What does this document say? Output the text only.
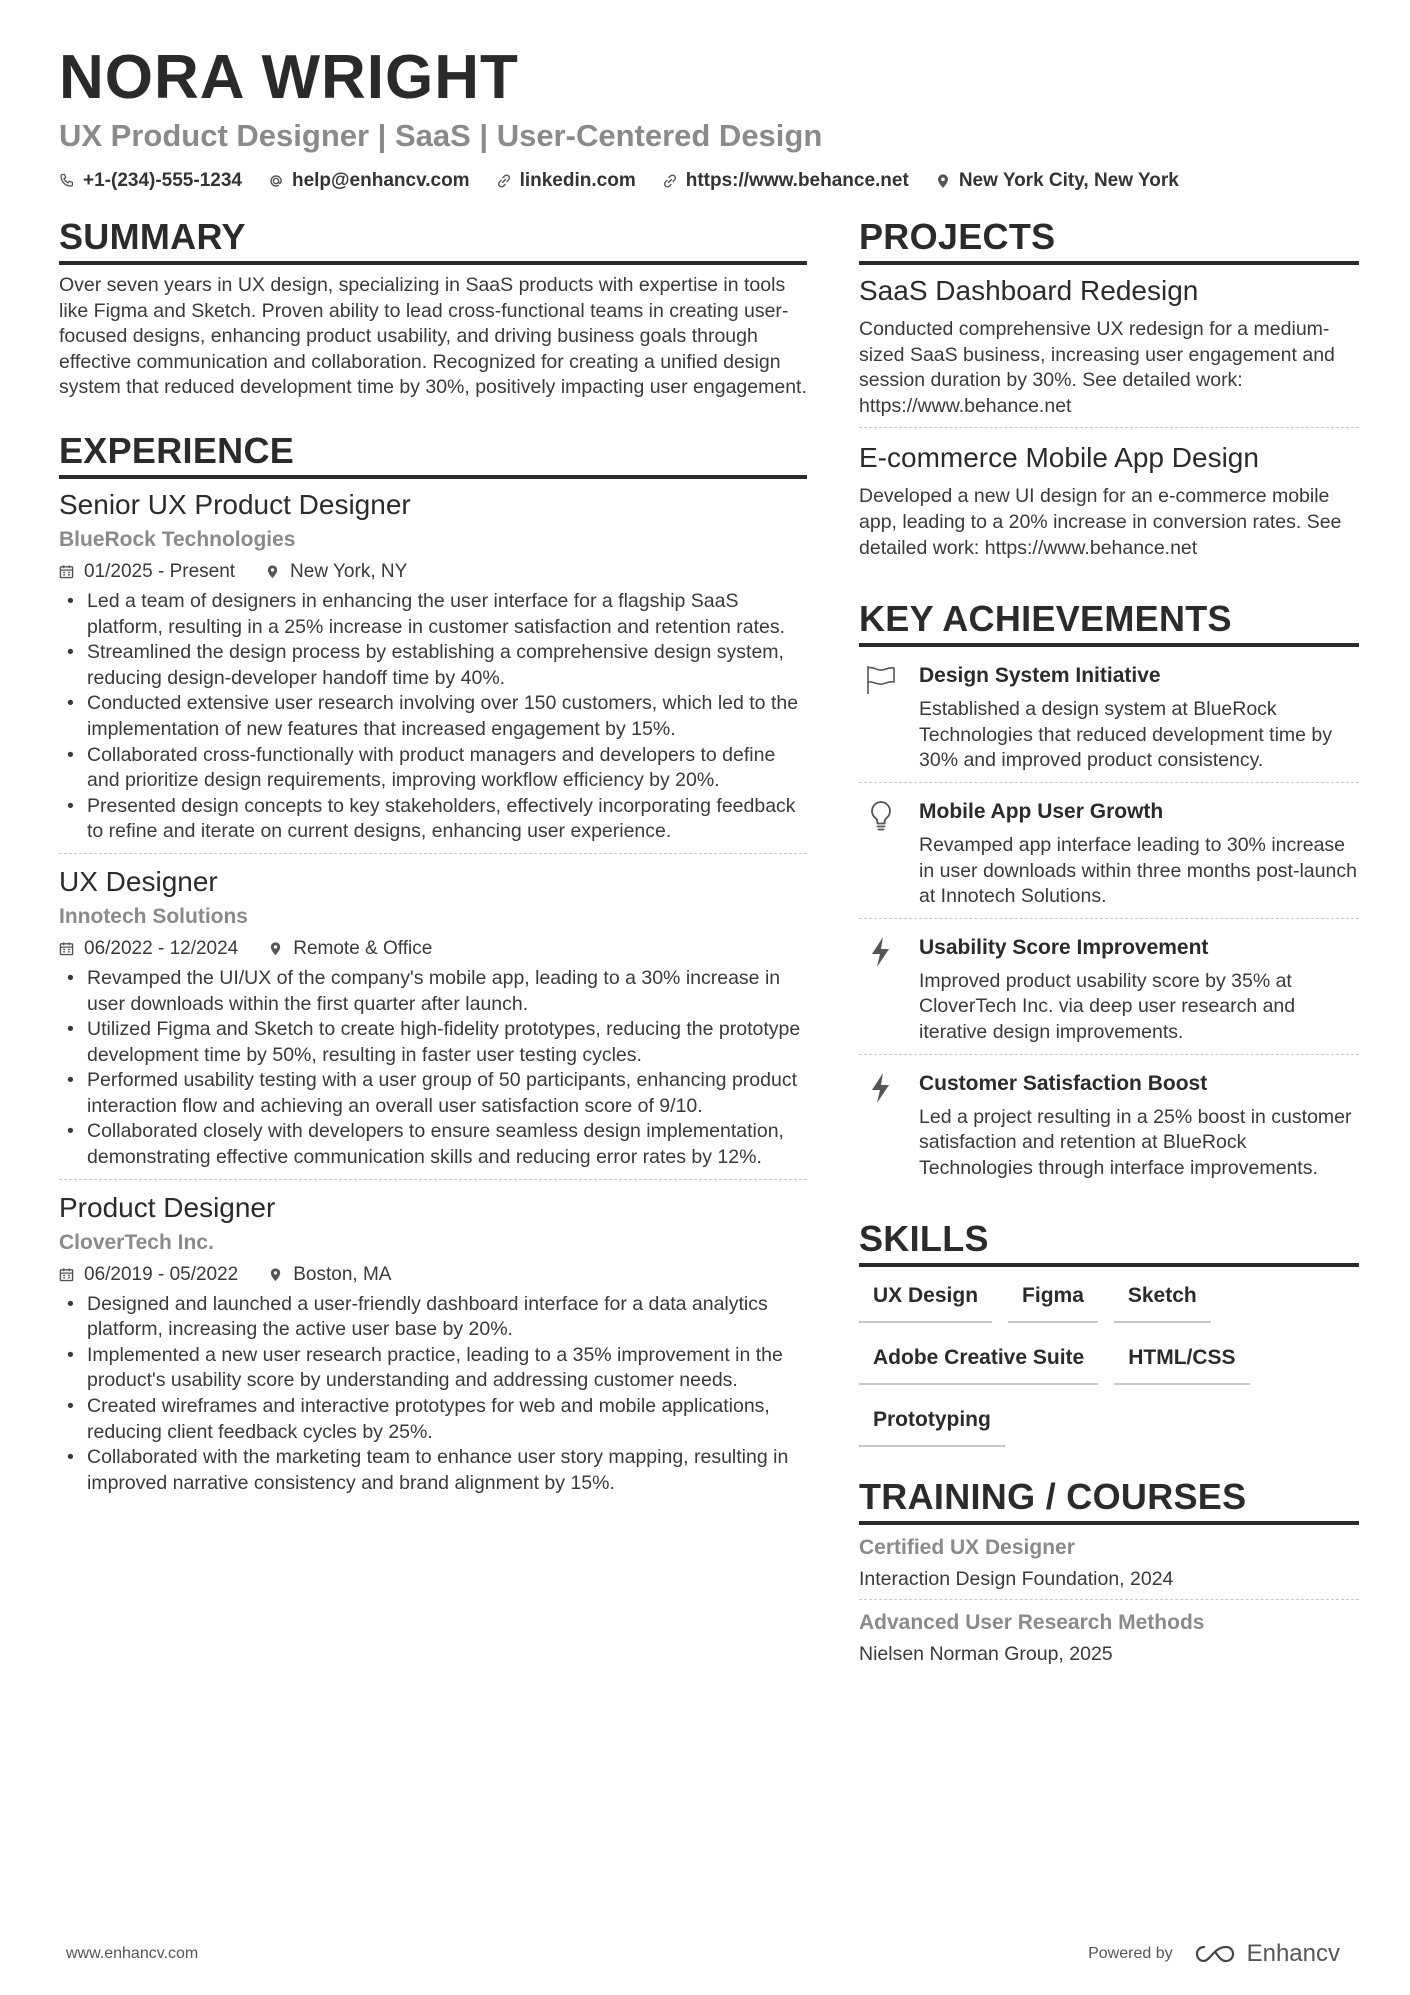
NORA WRIGHT
UX Product Designer | SaaS | User-Centered Design
+1-(234)-555-1234	help@enhancv.com	linkedin.com	https://www.behance.net	New York City, New York
SUMMARY
Over seven years in UX design, specializing in SaaS products with expertise in tools like Figma and Sketch. Proven ability to lead cross-functional teams in creating user-focused designs, enhancing product usability, and driving business goals through effective communication and collaboration. Recognized for creating a unified design system that reduced development time by 30%, positively impacting user engagement.
EXPERIENCE
Senior UX Product Designer
BlueRock Technologies
01/2025 - Present	New York, NY
• Led a team of designers in enhancing the user interface for a flagship SaaS platform, resulting in a 25% increase in customer satisfaction and retention rates.
• Streamlined the design process by establishing a comprehensive design system, reducing design-developer handoff time by 40%.
• Conducted extensive user research involving over 150 customers, which led to the implementation of new features that increased engagement by 15%.
• Collaborated cross-functionally with product managers and developers to define and prioritize design requirements, improving workflow efficiency by 20%.
• Presented design concepts to key stakeholders, effectively incorporating feedback to refine and iterate on current designs, enhancing user experience.
UX Designer
Innotech Solutions
06/2022 - 12/2024	Remote & Office
• Revamped the UI/UX of the company's mobile app, leading to a 30% increase in user downloads within the first quarter after launch.
• Utilized Figma and Sketch to create high-fidelity prototypes, reducing the prototype development time by 50%, resulting in faster user testing cycles.
• Performed usability testing with a user group of 50 participants, enhancing product interaction flow and achieving an overall user satisfaction score of 9/10.
• Collaborated closely with developers to ensure seamless design implementation, demonstrating effective communication skills and reducing error rates by 12%.
Product Designer
CloverTech Inc.
06/2019 - 05/2022	Boston, MA
• Designed and launched a user-friendly dashboard interface for a data analytics platform, increasing the active user base by 20%.
• Implemented a new user research practice, leading to a 35% improvement in the product's usability score by understanding and addressing customer needs.
• Created wireframes and interactive prototypes for web and mobile applications, reducing client feedback cycles by 25%.
• Collaborated with the marketing team to enhance user story mapping, resulting in improved narrative consistency and brand alignment by 15%.
PROJECTS
SaaS Dashboard Redesign
Conducted comprehensive UX redesign for a medium-sized SaaS business, increasing user engagement and session duration by 30%. See detailed work: https://www.behance.net
E-commerce Mobile App Design
Developed a new UI design for an e-commerce mobile app, leading to a 20% increase in conversion rates. See detailed work: https://www.behance.net
KEY ACHIEVEMENTS
Design System Initiative
Established a design system at BlueRock Technologies that reduced development time by 30% and improved product consistency.
Mobile App User Growth
Revamped app interface leading to 30% increase in user downloads within three months post-launch at Innotech Solutions.
Usability Score Improvement
Improved product usability score by 35% at CloverTech Inc. via deep user research and iterative design improvements.
Customer Satisfaction Boost
Led a project resulting in a 25% boost in customer satisfaction and retention at BlueRock Technologies through interface improvements.
SKILLS
UX Design	Figma	Sketch
Adobe Creative Suite	HTML/CSS
Prototyping
TRAINING / COURSES
Certified UX Designer
Interaction Design Foundation, 2024
Advanced User Research Methods
Nielsen Norman Group, 2025
www.enhancv.com	Powered by	Enhancv
